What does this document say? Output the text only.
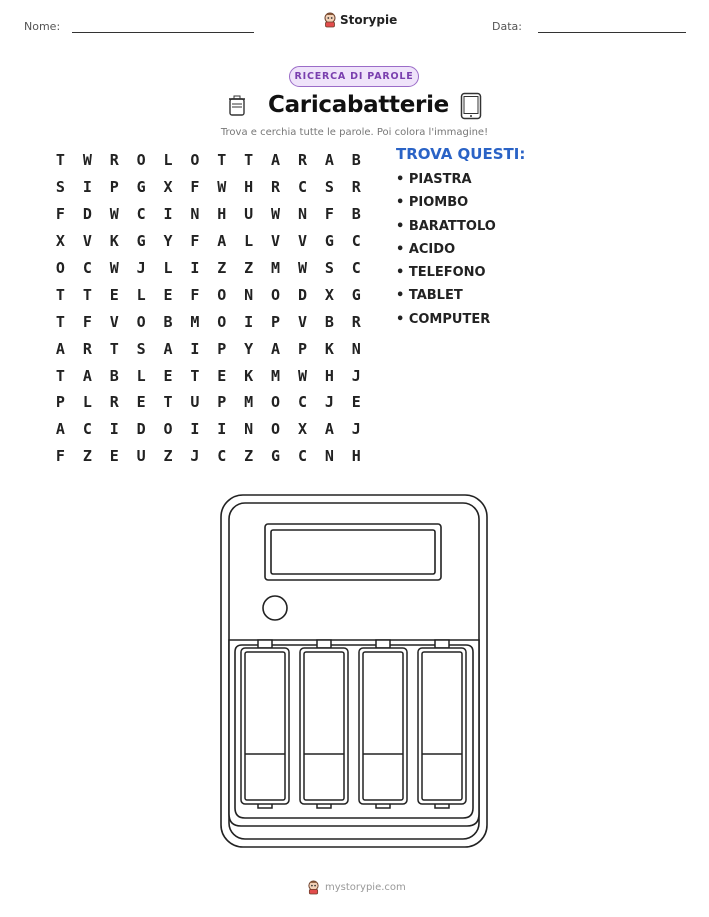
Nome:	Storypie	Data:
RICERCA DI PAROLE
Caricabatterie
Trova e cerchia tutte le parole. Poi colora l'immagine!
T	W	R	O	L	O	T	T	A	R	A	B
S	I	P	G	X	F	W	H	R	C	S	R
F	D	W	C	I	N	H	U	W	N	F	B
X	V	K	G	Y	F	A	L	V	V	G	C
O	C	W	J	L	I	Z	Z	M	W	S	C
T	T	E	L	E	F	O	N	O	D	X	G
T	F	V	O	B	M	O	I	P	V	B	R
A	R	T	S	A	I	P	Y	A	P	K	N
T	A	B	L	E	T	E	K	M	W	H	J
P	L	R	E	T	U	P	M	O	C	J	E
A	C	I	D	O	I	I	N	O	X	A	J
F	Z	E	U	Z	J	C	Z	G	C	N	H
TROVA QUESTI:
• PIASTRA
• PIOMBO
• BARATTOLO
• ACIDO
• TELEFONO
• TABLET
• COMPUTER
mystorypie.com
